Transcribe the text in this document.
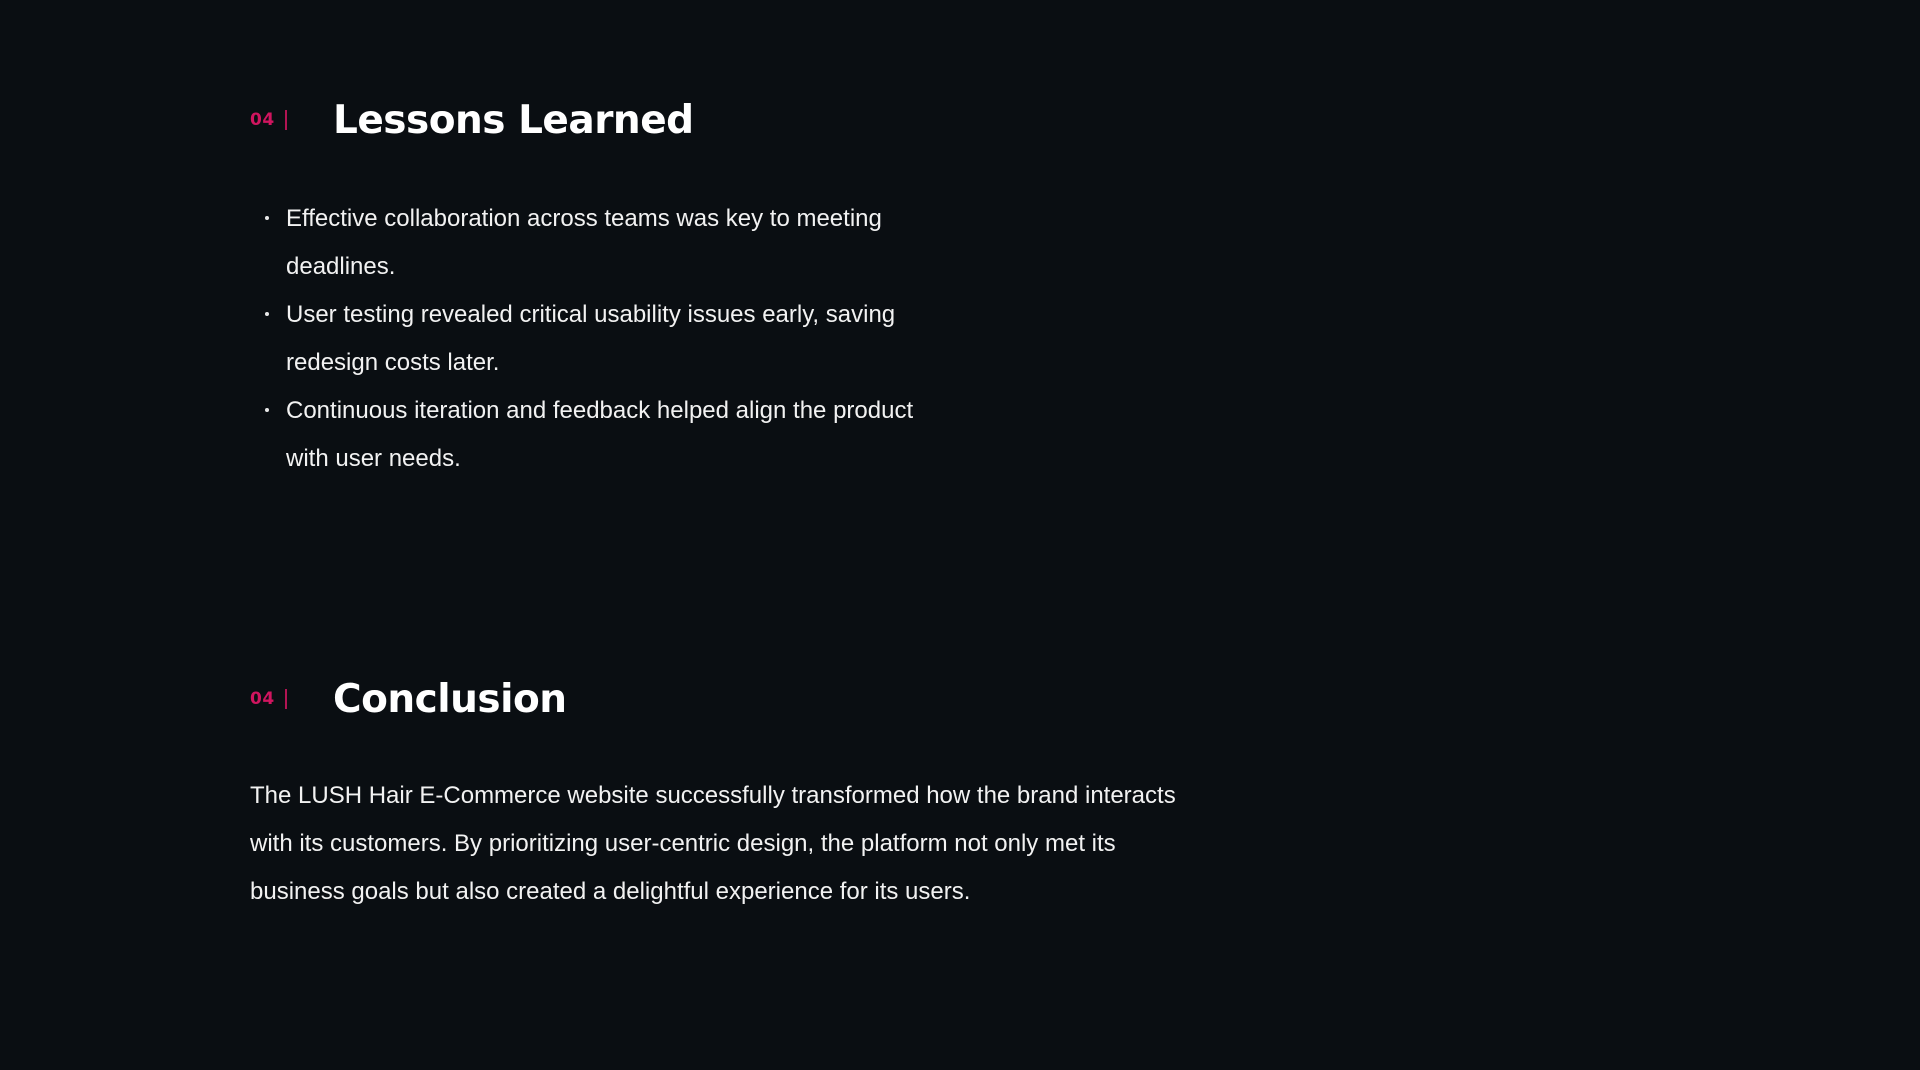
04 Lessons Learned
Effective collaboration across teams was key to meeting deadlines.
User testing revealed critical usability issues early, saving redesign costs later.
Continuous iteration and feedback helped align the product with user needs.
04 Conclusion

The LUSH Hair E-Commerce website successfully transformed how the brand interacts with its customers. By prioritizing user-centric design, the platform not only met its business goals but also created a delightful experience for its users.
